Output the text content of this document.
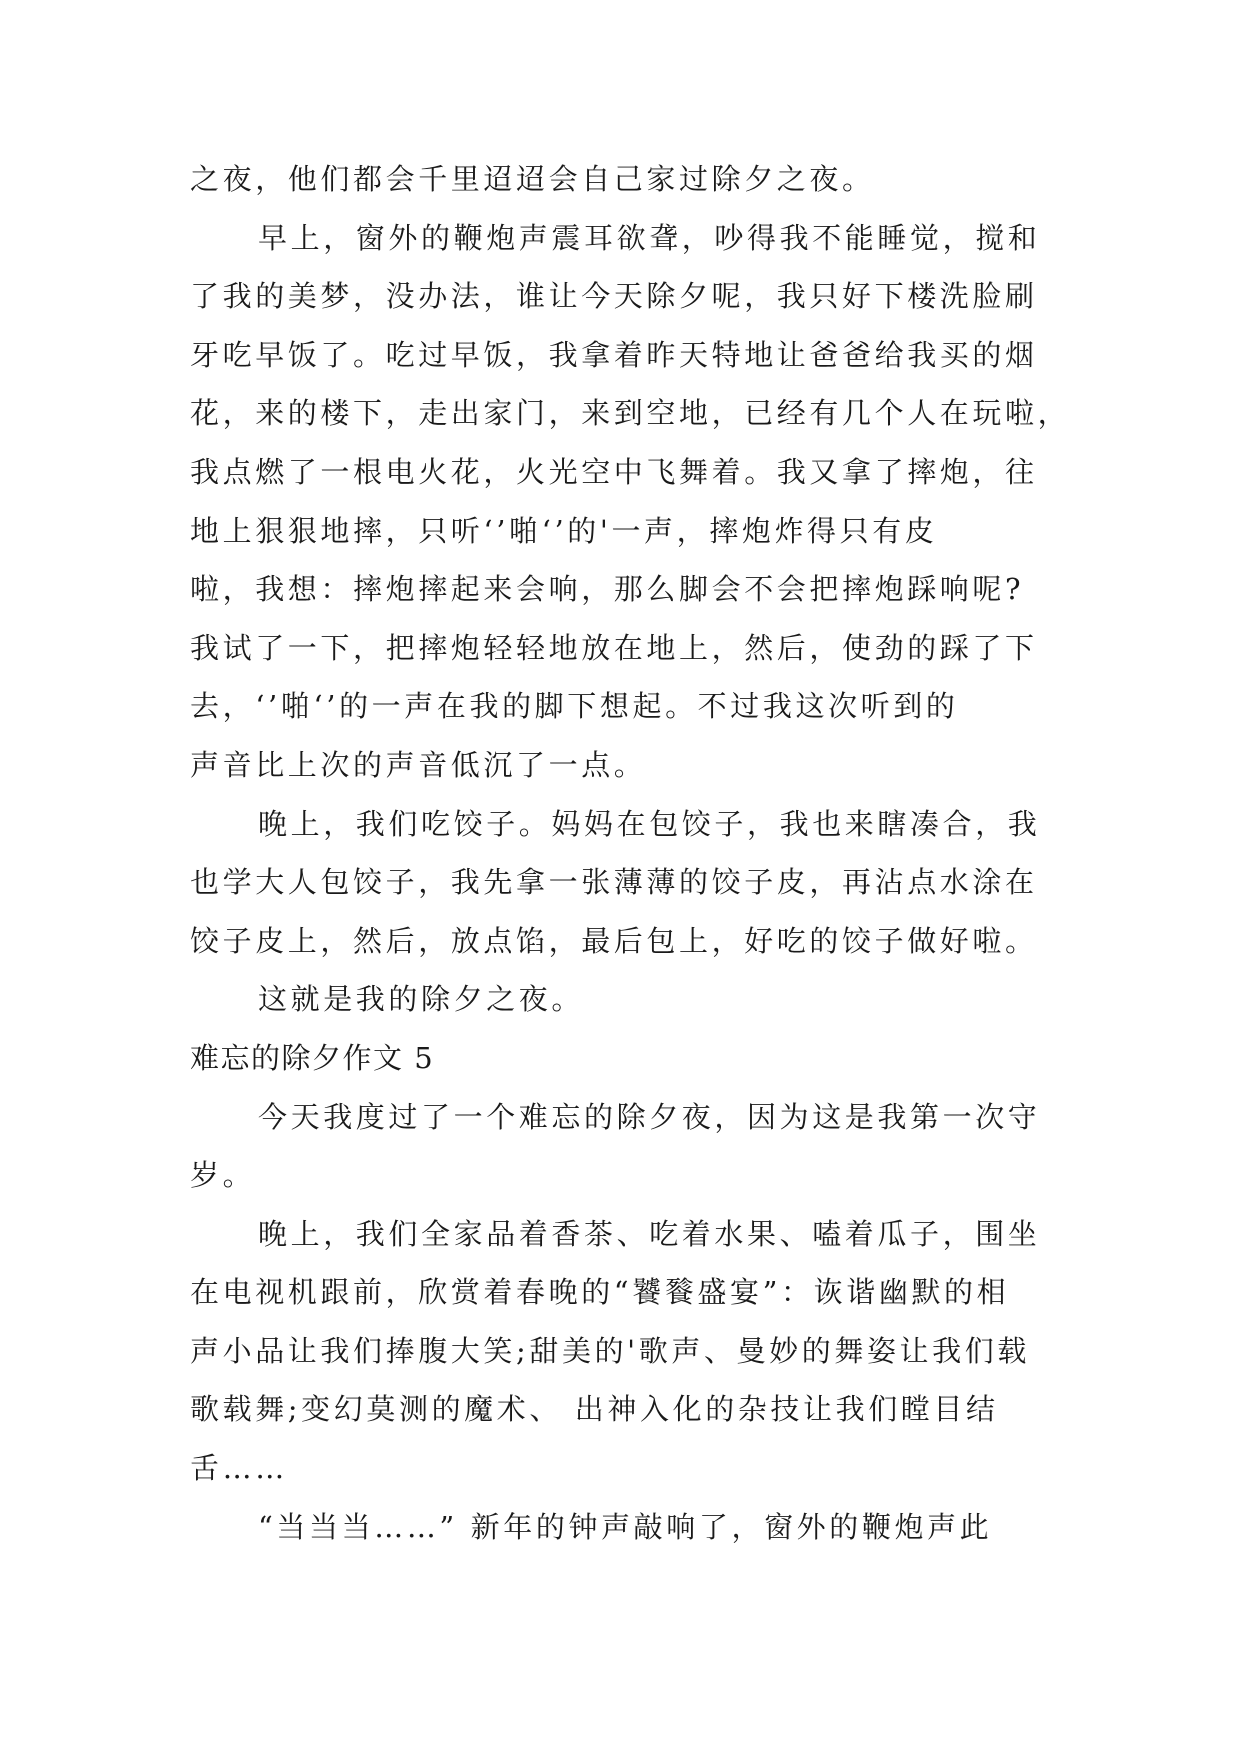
之夜，他们都会千里迢迢会自己家过除夕之夜。
早上，窗外的鞭炮声震耳欲聋，吵得我不能睡觉，搅和
了我的美梦，没办法，谁让今天除夕呢，我只好下楼洗脸刷
牙吃早饭了。吃过早饭，我拿着昨天特地让爸爸给我买的烟
花，来的楼下，走出家门，来到空地，已经有几个人在玩啦，
我点燃了一根电火花，火光空中飞舞着。我又拿了摔炮，往
地上狠狠地摔，只听‘’啪‘’的'一声，摔炮炸得只有皮
啦，我想：摔炮摔起来会响，那么脚会不会把摔炮踩响呢?
我试了一下，把摔炮轻轻地放在地上，然后，使劲的踩了下
去，‘’啪‘’的一声在我的脚下想起。不过我这次听到的
声音比上次的声音低沉了一点。
晚上，我们吃饺子。妈妈在包饺子，我也来瞎凑合，我
也学大人包饺子，我先拿一张薄薄的饺子皮，再沾点水涂在
饺子皮上，然后，放点馅，最后包上，好吃的饺子做好啦。
这就是我的除夕之夜。
难忘的除夕作文 5
今天我度过了一个难忘的除夕夜，因为这是我第一次守
岁。
晚上，我们全家品着香茶、吃着水果、嗑着瓜子，围坐
在电视机跟前，欣赏着春晚的“饕餮盛宴”：诙谐幽默的相
声小品让我们捧腹大笑;甜美的'歌声、曼妙的舞姿让我们载
歌载舞;变幻莫测的魔术、 出神入化的杂技让我们瞠目结
舌……
“当当当……” 新年的钟声敲响了，窗外的鞭炮声此
